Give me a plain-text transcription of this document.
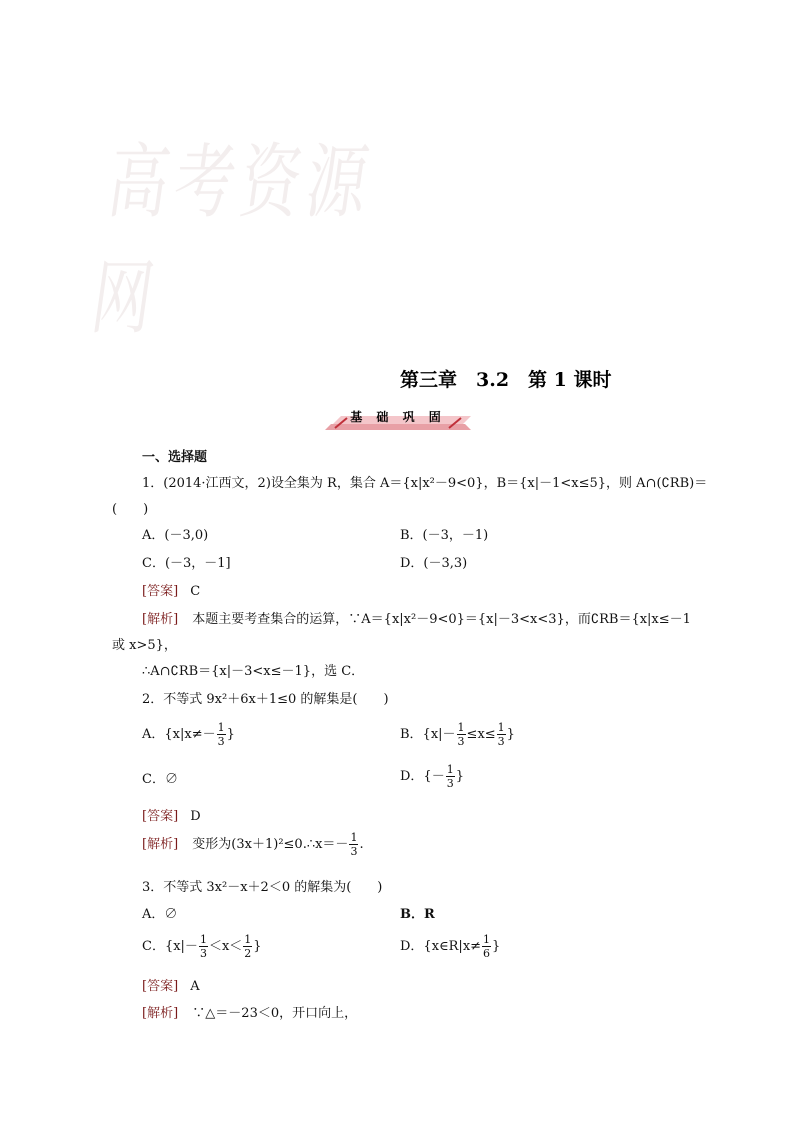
高考资源网
第三章　3.2　第 1 课时
基 础 巩 固
一、选择题
1．(2014·江西文，2)设全集为 R，集合 A＝{x|x²－9<0}，B＝{x|－1<x≤5}，则 A∩(∁RB)＝
(　　)
A．(－3,0)	B．(－3，－1)
C．(－3，－1]	D．(－3,3)
[答案] C
[解析] 本题主要考查集合的运算，∵A＝{x|x²－9<0}＝{x|－3<x<3}，而∁RB＝{x|x≤－1
或 x>5}，
∴A∩∁RB＝{x|－3<x≤－1}，选 C．
2．不等式 9x²＋6x＋1≤0 的解集是(　　)
A．{$x|x\ne- \frac{1}{3}$ }	B．{$x|- \frac{1}{3} \le x\le \frac{1}{3}$ }
C．∅	D．{－ $\frac{1}{3}$ }
[答案] D
[解析] 变形为(3x＋1)²≤0.∴x＝－ $\frac{1}{3}$ .
3．不等式 3x²－x＋2＜0 的解集为(　　)
A．∅	B．R
C．{$x|- \frac{1}{3} <x< \frac{1}{2}$ }	D．{x∈R|x≠ $\frac{1}{6}$ }
[答案] A
[解析] ∵△＝－23＜0，开口向上，
